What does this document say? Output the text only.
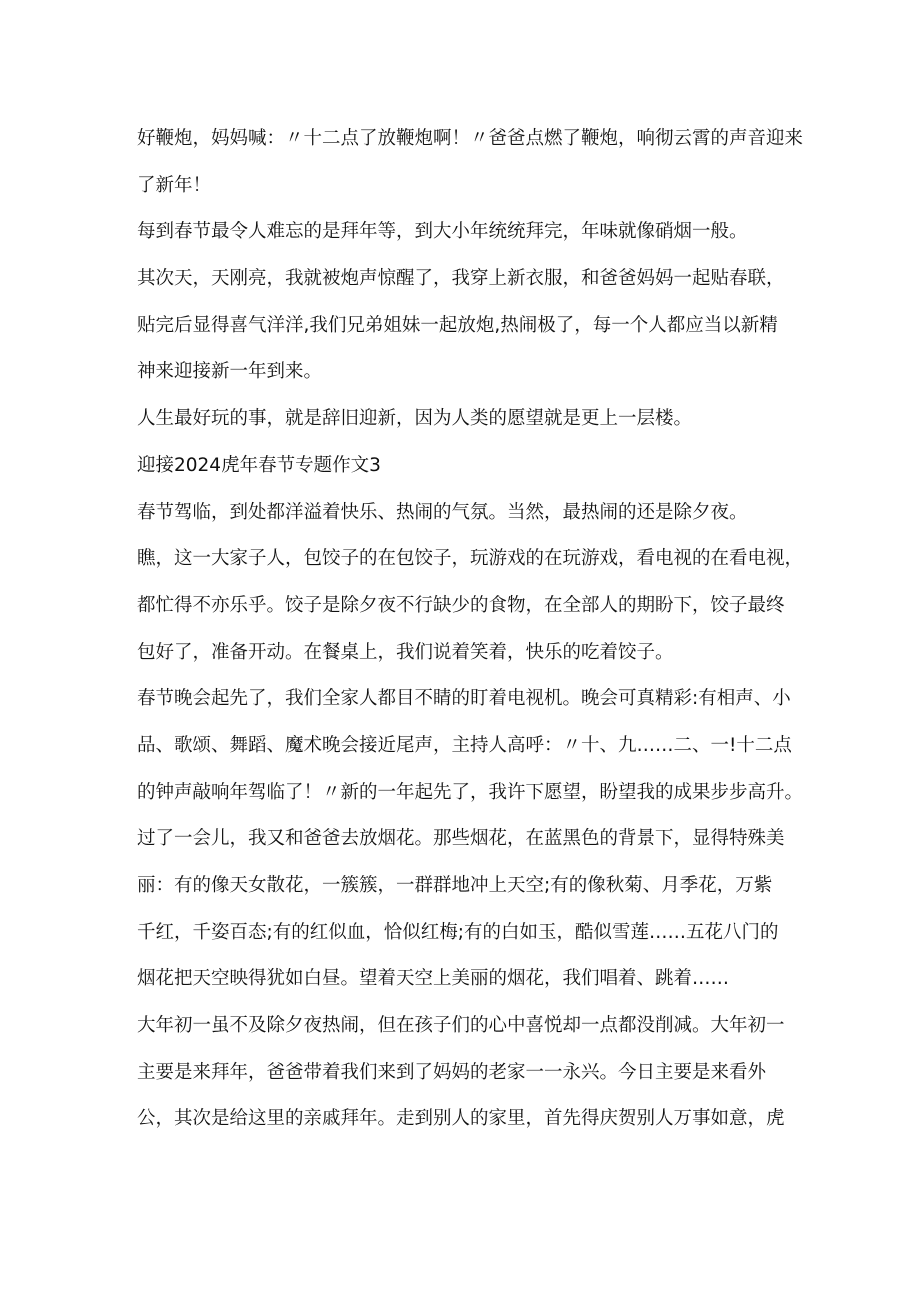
好鞭炮，妈妈喊：〃十二点了放鞭炮啊！〃爸爸点燃了鞭炮，响彻云霄的声音迎来
了新年！
每到春节最令人难忘的是拜年等，到大小年统统拜完，年味就像硝烟一般。
其次天，天刚亮，我就被炮声惊醒了，我穿上新衣服，和爸爸妈妈一起贴春联，
贴完后显得喜气洋洋,我们兄弟姐妹一起放炮,热闹极了，每一个人都应当以新精
神来迎接新一年到来。
人生最好玩的事，就是辞旧迎新，因为人类的愿望就是更上一层楼。
迎接2024虎年春节专题作文3
春节驾临，到处都洋溢着快乐、热闹的气氛。当然，最热闹的还是除夕夜。
瞧，这一大家子人，包饺子的在包饺子，玩游戏的在玩游戏，看电视的在看电视，
都忙得不亦乐乎。饺子是除夕夜不行缺少的食物，在全部人的期盼下，饺子最终
包好了，准备开动。在餐桌上，我们说着笑着，快乐的吃着饺子。
春节晚会起先了，我们全家人都目不睛的盯着电视机。晚会可真精彩:有相声、小
品、歌颂、舞蹈、魔术晚会接近尾声，主持人高呼：〃十、九……二、一!十二点
的钟声敲响年驾临了！〃新的一年起先了，我许下愿望，盼望我的成果步步高升。
过了一会儿，我又和爸爸去放烟花。那些烟花，在蓝黑色的背景下，显得特殊美
丽：有的像天女散花，一簇簇，一群群地冲上天空;有的像秋菊、月季花，万紫
千红，千姿百态;有的红似血，恰似红梅;有的白如玉，酷似雪莲……五花八门的
烟花把天空映得犹如白昼。望着天空上美丽的烟花，我们唱着、跳着……
大年初一虽不及除夕夜热闹，但在孩子们的心中喜悦却一点都没削减。大年初一
主要是来拜年，爸爸带着我们来到了妈妈的老家一一永兴。今日主要是来看外
公，其次是给这里的亲戚拜年。走到别人的家里，首先得庆贺别人万事如意，虎
